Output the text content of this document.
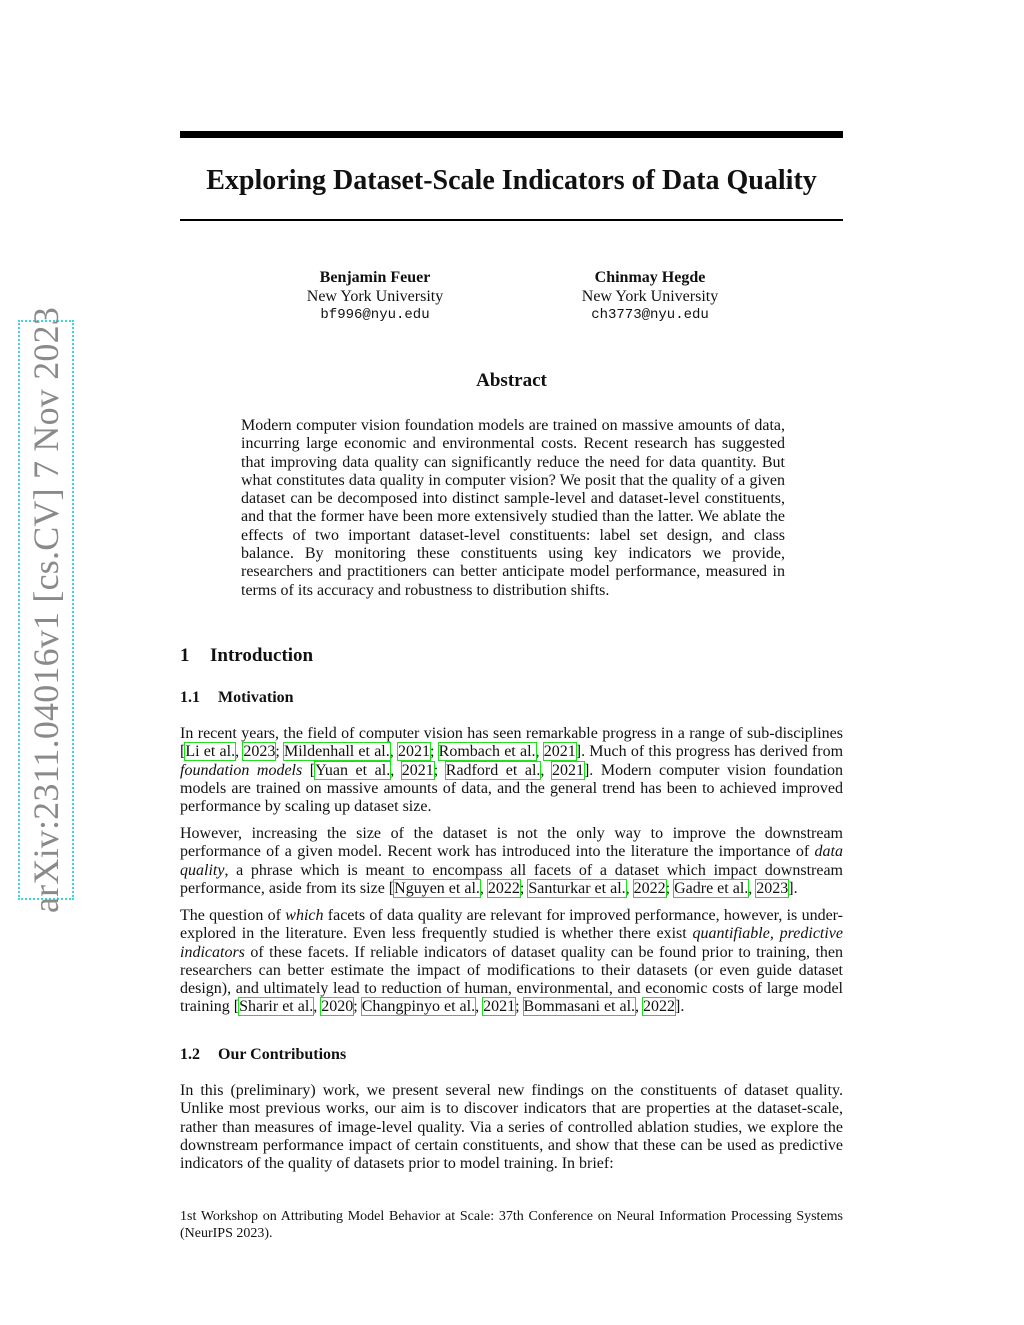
arXiv:2311.04016v1 [cs.CV] 7 Nov 2023
Exploring Dataset-Scale Indicators of Data Quality
Benjamin Feuer
New York University
bf996@nyu.edu
Chinmay Hegde
New York University
ch3773@nyu.edu
Abstract

Modern computer vision foundation models are trained on massive amounts of data, incurring large economic and environmental costs. Recent research has suggested that improving data quality can significantly reduce the need for data quantity. But what constitutes data quality in computer vision? We posit that the quality of a given dataset can be decomposed into distinct sample-level and dataset-level constituents, and that the former have been more extensively studied than the latter. We ablate the effects of two important dataset-level constituents: label set design, and class balance. By monitoring these constituents using key indicators we provide, researchers and practitioners can better anticipate model performance, measured in terms of its accuracy and robustness to distribution shifts.

1 Introduction
1.1 Motivation

In recent years, the field of computer vision has seen remarkable progress in a range of sub-disciplines [Li et al., 2023; Mildenhall et al., 2021; Rombach et al., 2021]. Much of this progress has derived from foundation models [Yuan et al., 2021; Radford et al., 2021]. Modern computer vision foundation models are trained on massive amounts of data, and the general trend has been to achieved improved performance by scaling up dataset size.

However, increasing the size of the dataset is not the only way to improve the downstream performance of a given model. Recent work has introduced into the literature the importance of data quality, a phrase which is meant to encompass all facets of a dataset which impact downstream performance, aside from its size [Nguyen et al., 2022; Santurkar et al., 2022; Gadre et al., 2023].

The question of which facets of data quality are relevant for improved performance, however, is under-explored in the literature. Even less frequently studied is whether there exist quantifiable, predictive indicators of these facets. If reliable indicators of dataset quality can be found prior to training, then researchers can better estimate the impact of modifications to their datasets (or even guide dataset design), and ultimately lead to reduction of human, environmental, and economic costs of large model training [Sharir et al., 2020; Changpinyo et al., 2021; Bommasani et al., 2022].

1.2 Our Contributions

In this (preliminary) work, we present several new findings on the constituents of dataset quality. Unlike most previous works, our aim is to discover indicators that are properties at the dataset-scale, rather than measures of image-level quality. Via a series of controlled ablation studies, we explore the downstream performance impact of certain constituents, and show that these can be used as predictive indicators of the quality of datasets prior to model training. In brief:

1st Workshop on Attributing Model Behavior at Scale: 37th Conference on Neural Information Processing Systems (NeurIPS 2023).
